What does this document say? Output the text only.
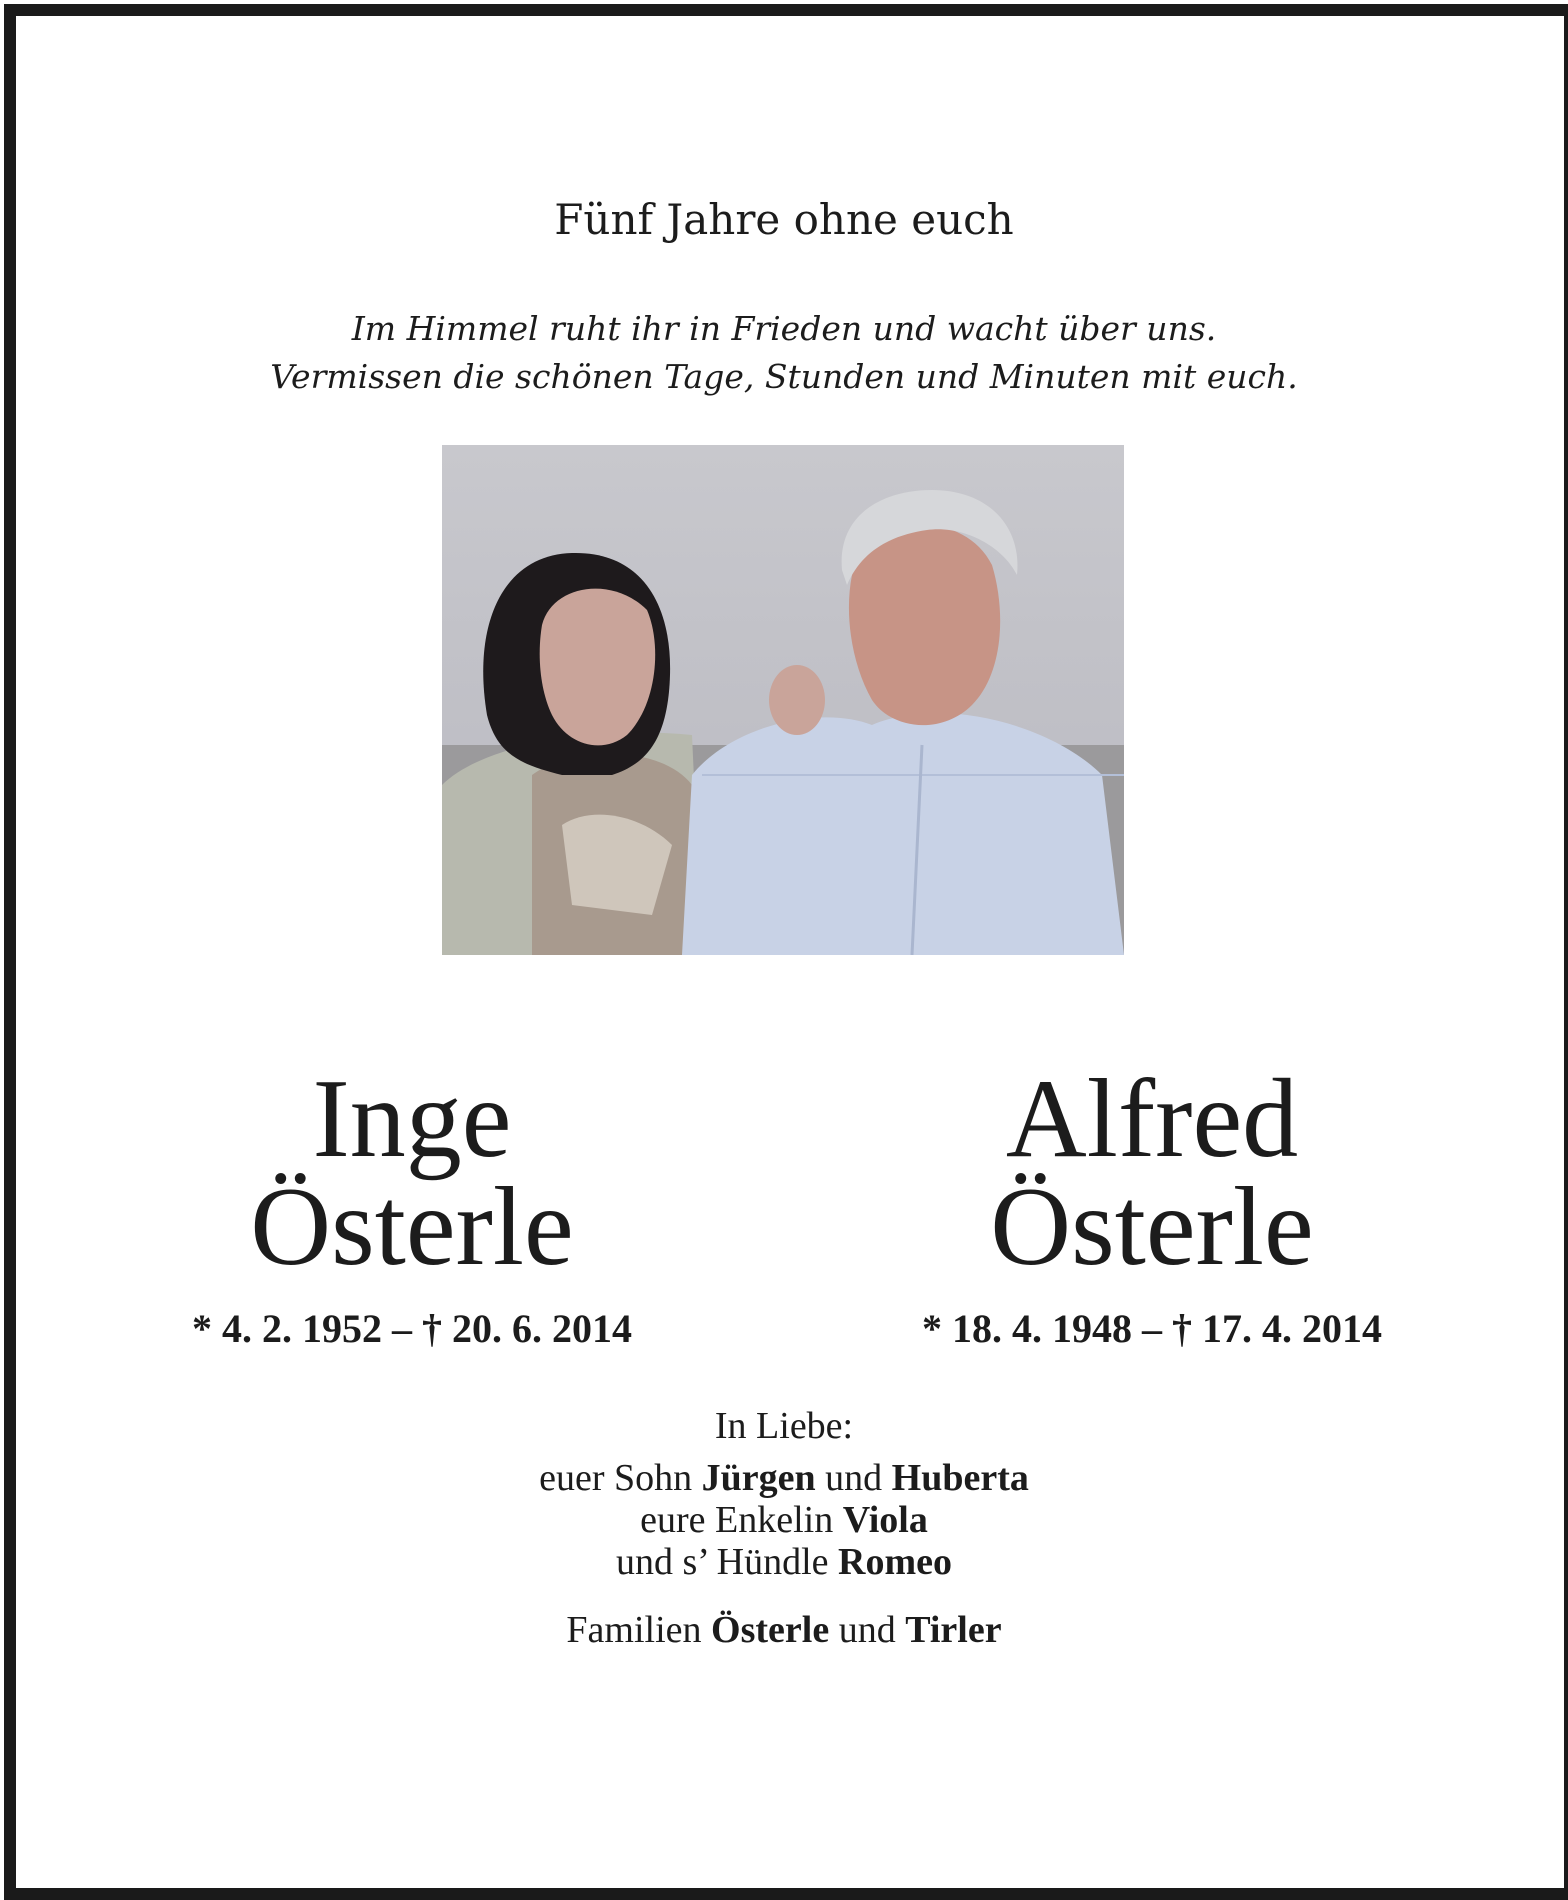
Fünf Jahre ohne euch
Im Himmel ruht ihr in Frieden und wacht über uns.
Vermissen die schönen Tage, Stunden und Minuten mit euch.
Inge
Österle
* 4. 2. 1952 – † 20. 6. 2014
Alfred
Österle
* 18. 4. 1948 – † 17. 4. 2014
In Liebe:
euer Sohn Jürgen und Huberta
eure Enkelin Viola
und s’ Hündle Romeo
Familien Österle und Tirler
